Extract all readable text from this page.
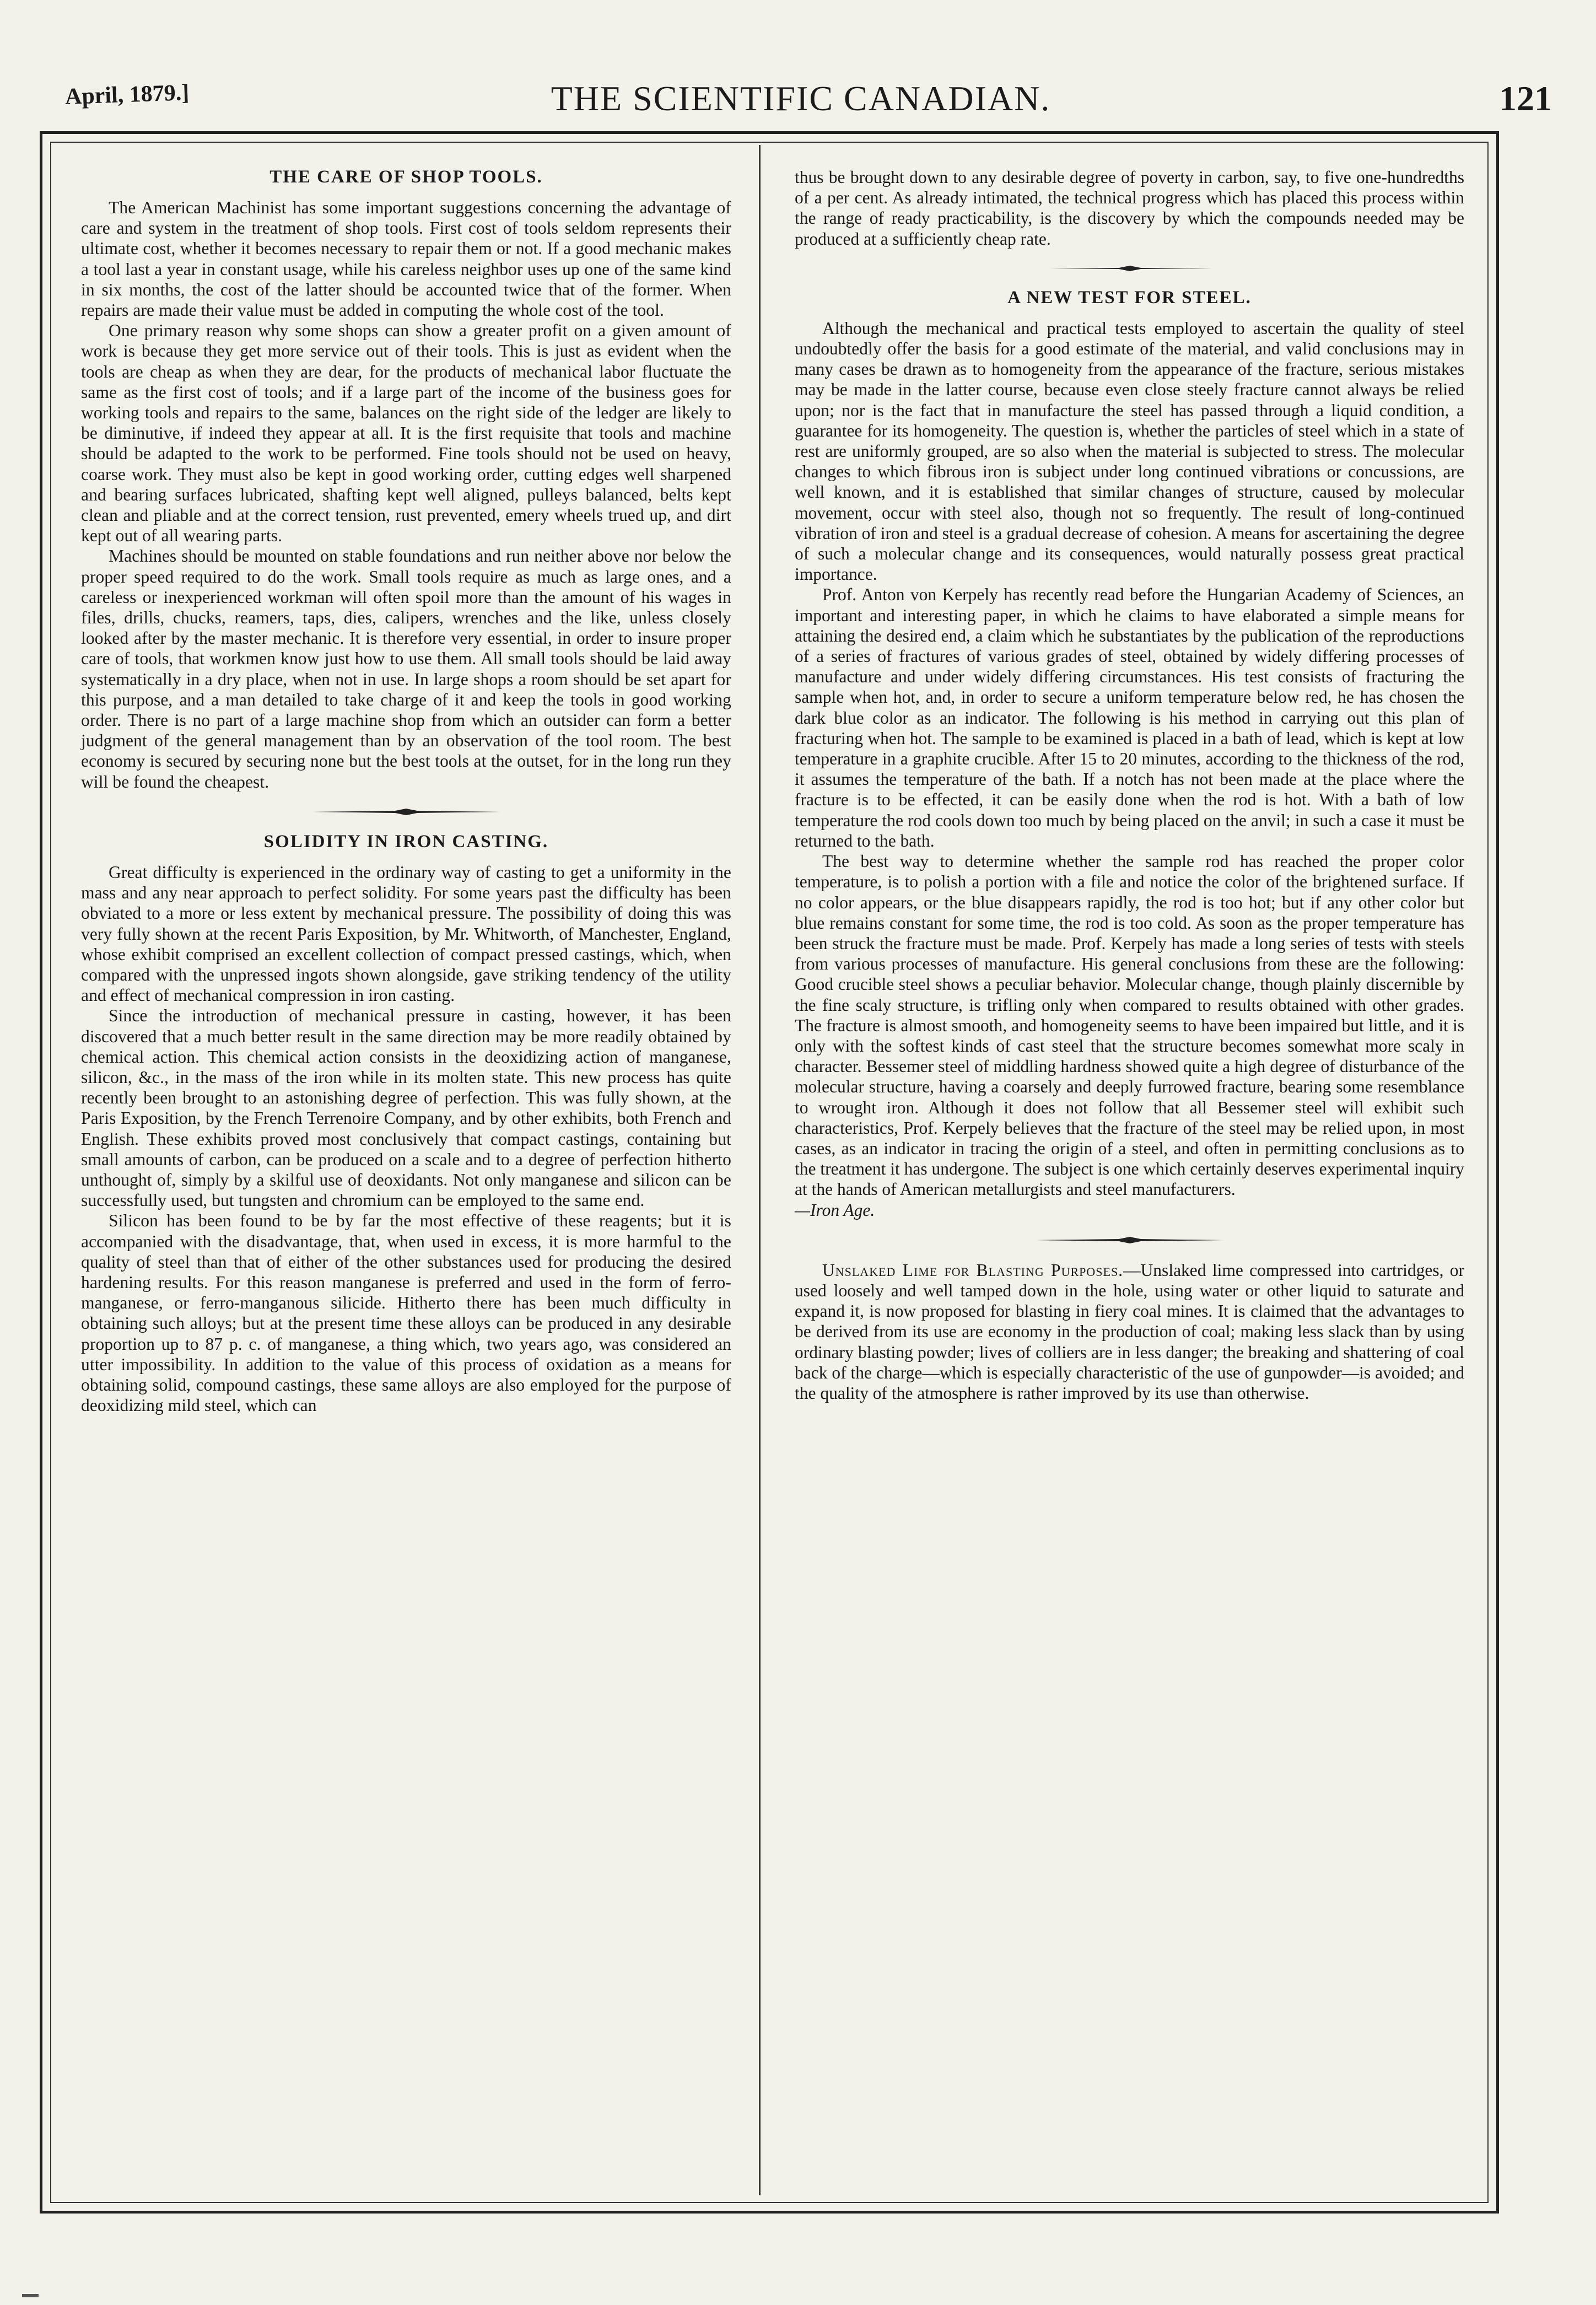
April, 1879.]	THE SCIENTIFIC CANADIAN.	121
THE CARE OF SHOP TOOLS.

The American Machinist has some important suggestions concerning the advantage of care and system in the treatment of shop tools. First cost of tools seldom represents their ultimate cost, whether it becomes necessary to repair them or not. If a good mechanic makes a tool last a year in constant usage, while his careless neighbor uses up one of the same kind in six months, the cost of the latter should be accounted twice that of the former. When repairs are made their value must be added in computing the whole cost of the tool.

One primary reason why some shops can show a greater profit on a given amount of work is because they get more service out of their tools. This is just as evident when the tools are cheap as when they are dear, for the products of mechanical labor fluctuate the same as the first cost of tools; and if a large part of the income of the business goes for working tools and repairs to the same, balances on the right side of the ledger are likely to be diminutive, if indeed they appear at all. It is the first requisite that tools and machine should be adapted to the work to be performed. Fine tools should not be used on heavy, coarse work. They must also be kept in good working order, cutting edges well sharpened and bearing surfaces lubricated, shafting kept well aligned, pulleys balanced, belts kept clean and pliable and at the correct tension, rust prevented, emery wheels trued up, and dirt kept out of all wearing parts.

Machines should be mounted on stable foundations and run neither above nor below the proper speed required to do the work. Small tools require as much as large ones, and a careless or inexperienced workman will often spoil more than the amount of his wages in files, drills, chucks, reamers, taps, dies, calipers, wrenches and the like, unless closely looked after by the master mechanic. It is therefore very essential, in order to insure proper care of tools, that workmen know just how to use them. All small tools should be laid away systematically in a dry place, when not in use. In large shops a room should be set apart for this purpose, and a man detailed to take charge of it and keep the tools in good working order. There is no part of a large machine shop from which an outsider can form a better judgment of the general management than by an observation of the tool room. The best economy is secured by securing none but the best tools at the outset, for in the long run they will be found the cheapest.

SOLIDITY IN IRON CASTING.

Great difficulty is experienced in the ordinary way of casting to get a uniformity in the mass and any near approach to perfect solidity. For some years past the difficulty has been obviated to a more or less extent by mechanical pressure. The possibility of doing this was very fully shown at the recent Paris Exposition, by Mr. Whitworth, of Manchester, England, whose exhibit comprised an excellent collection of compact pressed castings, which, when compared with the unpressed ingots shown alongside, gave striking tendency of the utility and effect of mechanical compression in iron casting.

Since the introduction of mechanical pressure in casting, however, it has been discovered that a much better result in the same direction may be more readily obtained by chemical action. This chemical action consists in the deoxidizing action of manganese, silicon, &c., in the mass of the iron while in its molten state. This new process has quite recently been brought to an astonishing degree of perfection. This was fully shown, at the Paris Exposition, by the French Terrenoire Company, and by other exhibits, both French and English. These exhibits proved most conclusively that compact castings, containing but small amounts of carbon, can be produced on a scale and to a degree of perfection hitherto unthought of, simply by a skilful use of deoxidants. Not only manganese and silicon can be successfully used, but tungsten and chromium can be employed to the same end.

Silicon has been found to be by far the most effective of these reagents; but it is accompanied with the disadvantage, that, when used in excess, it is more harmful to the quality of steel than that of either of the other substances used for producing the desired hardening results. For this reason manganese is preferred and used in the form of ferro-manganese, or ferro-manganous silicide. Hitherto there has been much difficulty in obtaining such alloys; but at the present time these alloys can be produced in any desirable proportion up to 87 p. c. of manganese, a thing which, two years ago, was considered an utter impossibility. In addition to the value of this process of oxidation as a means for obtaining solid, compound castings, these same alloys are also employed for the purpose of deoxidizing mild steel, which can

thus be brought down to any desirable degree of poverty in carbon, say, to five one-hundredths of a per cent. As already intimated, the technical progress which has placed this process within the range of ready practicability, is the discovery by which the compounds needed may be produced at a sufficiently cheap rate.

A NEW TEST FOR STEEL.

Although the mechanical and practical tests employed to ascertain the quality of steel undoubtedly offer the basis for a good estimate of the material, and valid conclusions may in many cases be drawn as to homogeneity from the appearance of the fracture, serious mistakes may be made in the latter course, because even close steely fracture cannot always be relied upon; nor is the fact that in manufacture the steel has passed through a liquid condition, a guarantee for its homogeneity. The question is, whether the particles of steel which in a state of rest are uniformly grouped, are so also when the material is subjected to stress. The molecular changes to which fibrous iron is subject under long continued vibrations or concussions, are well known, and it is established that similar changes of structure, caused by molecular movement, occur with steel also, though not so frequently. The result of long-continued vibration of iron and steel is a gradual decrease of cohesion. A means for ascertaining the degree of such a molecular change and its consequences, would naturally possess great practical importance.

Prof. Anton von Kerpely has recently read before the Hungarian Academy of Sciences, an important and interesting paper, in which he claims to have elaborated a simple means for attaining the desired end, a claim which he substantiates by the publication of the reproductions of a series of fractures of various grades of steel, obtained by widely differing processes of manufacture and under widely differing circumstances. His test consists of fracturing the sample when hot, and, in order to secure a uniform temperature below red, he has chosen the dark blue color as an indicator. The following is his method in carrying out this plan of fracturing when hot. The sample to be examined is placed in a bath of lead, which is kept at low temperature in a graphite crucible. After 15 to 20 minutes, according to the thickness of the rod, it assumes the temperature of the bath. If a notch has not been made at the place where the fracture is to be effected, it can be easily done when the rod is hot. With a bath of low temperature the rod cools down too much by being placed on the anvil; in such a case it must be returned to the bath.

The best way to determine whether the sample rod has reached the proper color temperature, is to polish a portion with a file and notice the color of the brightened surface. If no color appears, or the blue disappears rapidly, the rod is too hot; but if any other color but blue remains constant for some time, the rod is too cold. As soon as the proper temperature has been struck the fracture must be made. Prof. Kerpely has made a long series of tests with steels from various processes of manufacture. His general conclusions from these are the following: Good crucible steel shows a peculiar behavior. Molecular change, though plainly discernible by the fine scaly structure, is trifling only when compared to results obtained with other grades. The fracture is almost smooth, and homogeneity seems to have been impaired but little, and it is only with the softest kinds of cast steel that the structure becomes somewhat more scaly in character. Bessemer steel of middling hardness showed quite a high degree of disturbance of the molecular structure, having a coarsely and deeply furrowed fracture, bearing some resemblance to wrought iron. Although it does not follow that all Bessemer steel will exhibit such characteristics, Prof. Kerpely believes that the fracture of the steel may be relied upon, in most cases, as an indicator in tracing the origin of a steel, and often in permitting conclusions as to the treatment it has undergone. The subject is one which certainly deserves experimental inquiry at the hands of American metallurgists and steel manufacturers.

—Iron Age.

Unslaked Lime for Blasting Purposes.—Unslaked lime compressed into cartridges, or used loosely and well tamped down in the hole, using water or other liquid to saturate and expand it, is now proposed for blasting in fiery coal mines. It is claimed that the advantages to be derived from its use are economy in the production of coal; making less slack than by using ordinary blasting powder; lives of colliers are in less danger; the breaking and shattering of coal back of the charge—which is especially characteristic of the use of gunpowder—is avoided; and the quality of the atmosphere is rather improved by its use than otherwise.
